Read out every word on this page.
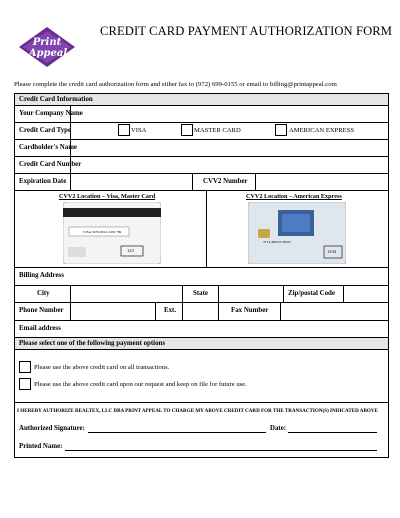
Print
Appeal
CREDIT CARD PAYMENT AUTHORIZATION FORM
Please complete the credit card authorization form and either fax to (972) 699-0155 or email to billing@printappeal.com
Credit Card Information
Your Company Name
Credit Card Type	VISA	MASTER CARD	AMERICAN EXPRESS
Cardholder's Name
Credit Card Number
Expiration Date	CVV2 Number
CVV2 Location – Visa, Master Card
VISA 5678-9012-3456 789
123
CVV2 Location – American Express
3714 496353 98431
1234
Billing Address
City	State	Zip/postal Code
Phone Number	Ext.	Fax Number
Email address
Please select one of the following payment options
Please use the above credit card on all transactions.
Please use the above credit card upon our request and keep on file for future use.
I HEREBY AUTHORIZE REALTEX, LLC DBA PRINT APPEAL TO CHARGE MY ABOVE CREDIT CARD FOR THE TRANSACTION(S) INDICATED ABOVE
Authorized Signature:	Date:
Printed Name:
